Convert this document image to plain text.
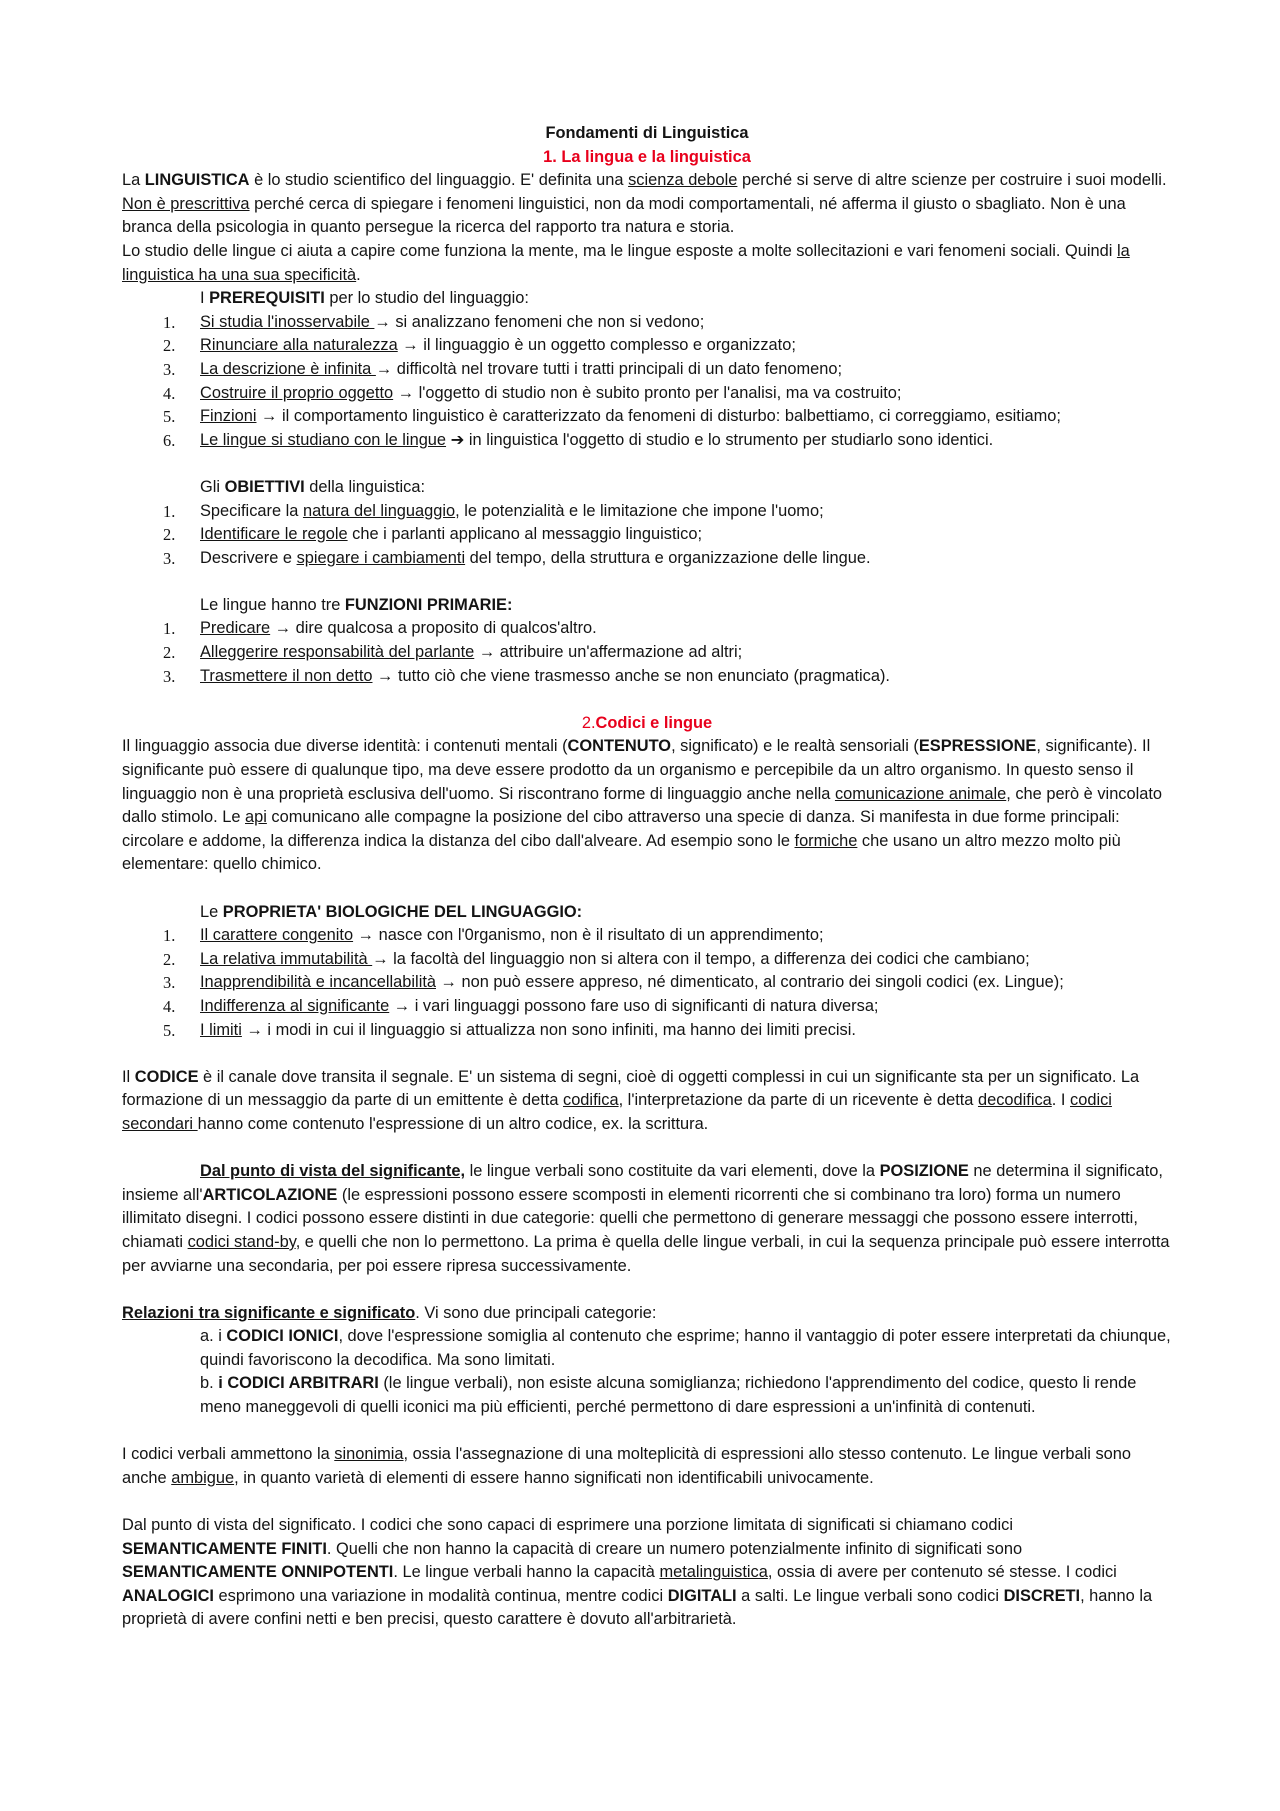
Fondamenti di Linguistica

1. La lingua e la linguistica

La LINGUISTICA è lo studio scientifico del linguaggio. E' definita una scienza debole perché si serve di altre scienze per costruire i suoi modelli. Non è prescrittiva perché cerca di spiegare i fenomeni linguistici, non da modi comportamentali, né afferma il giusto o sbagliato. Non è una branca della psicologia in quanto persegue la ricerca del rapporto tra natura e storia.

Lo studio delle lingue ci aiuta a capire come funziona la mente, ma le lingue esposte a molte sollecitazioni e vari fenomeni sociali. Quindi la linguistica ha una sua specificità.

I PREREQUISITI per lo studio del linguaggio:

1.	Si studia l'inosservabile → si analizzano fenomeni che non si vedono;
2.	Rinunciare alla naturalezza → il linguaggio è un oggetto complesso e organizzato;
3.	La descrizione è infinita → difficoltà nel trovare tutti i tratti principali di un dato fenomeno;
4.	Costruire il proprio oggetto → l'oggetto di studio non è subito pronto per l'analisi, ma va costruito;
5.	Finzioni → il comportamento linguistico è caratterizzato da fenomeni di disturbo: balbettiamo, ci correggiamo, esitiamo;
6.	Le lingue si studiano con le lingue ➔ in linguistica l'oggetto di studio e lo strumento per studiarlo sono identici.

Gli OBIETTIVI della linguistica:

1.	Specificare la natura del linguaggio, le potenzialità e le limitazione che impone l'uomo;
2.	Identificare le regole che i parlanti applicano al messaggio linguistico;
3.	Descrivere e spiegare i cambiamenti del tempo, della struttura e organizzazione delle lingue.

Le lingue hanno tre FUNZIONI PRIMARIE:

1.	Predicare → dire qualcosa a proposito di qualcos'altro.
2.	Alleggerire responsabilità del parlante → attribuire un'affermazione ad altri;
3.	Trasmettere il non detto → tutto ciò che viene trasmesso anche se non enunciato (pragmatica).

2.Codici e lingue

Il linguaggio associa due diverse identità: i contenuti mentali (CONTENUTO, significato) e le realtà sensoriali (ESPRESSIONE, significante). Il significante può essere di qualunque tipo, ma deve essere prodotto da un organismo e percepibile da un altro organismo. In questo senso il linguaggio non è una proprietà esclusiva dell'uomo. Si riscontrano forme di linguaggio anche nella comunicazione animale, che però è vincolato dallo stimolo. Le api comunicano alle compagne la posizione del cibo attraverso una specie di danza. Si manifesta in due forme principali: circolare e addome, la differenza indica la distanza del cibo dall'alveare. Ad esempio sono le formiche che usano un altro mezzo molto più elementare: quello chimico.

Le PROPRIETA' BIOLOGICHE DEL LINGUAGGIO:

1.	Il carattere congenito → nasce con l'0rganismo, non è il risultato di un apprendimento;
2.	La relativa immutabilità → la facoltà del linguaggio non si altera con il tempo, a differenza dei codici che cambiano;
3.	Inapprendibilità e incancellabilità → non può essere appreso, né dimenticato, al contrario dei singoli codici (ex. Lingue);
4.	Indifferenza al significante → i vari linguaggi possono fare uso di significanti di natura diversa;
5.	I limiti → i modi in cui il linguaggio si attualizza non sono infiniti, ma hanno dei limiti precisi.

Il CODICE è il canale dove transita il segnale. E' un sistema di segni, cioè di oggetti complessi in cui un significante sta per un significato. La formazione di un messaggio da parte di un emittente è detta codifica, l'interpretazione da parte di un ricevente è detta decodifica. I codici secondari hanno come contenuto l'espressione di un altro codice, ex. la scrittura.

Dal punto di vista del significante, le lingue verbali sono costituite da vari elementi, dove la POSIZIONE ne determina il significato, insieme all'ARTICOLAZIONE (le espressioni possono essere scomposti in elementi ricorrenti che si combinano tra loro) forma un numero illimitato disegni. I codici possono essere distinti in due categorie: quelli che permettono di generare messaggi che possono essere interrotti, chiamati codici stand-by, e quelli che non lo permettono. La prima è quella delle lingue verbali, in cui la sequenza principale può essere interrotta per avviarne una secondaria, per poi essere ripresa successivamente.

Relazioni tra significante e significato. Vi sono due principali categorie:

a. i CODICI IONICI, dove l'espressione somiglia al contenuto che esprime; hanno il vantaggio di poter essere interpretati da chiunque, quindi favoriscono la decodifica. Ma sono limitati.

b. i CODICI ARBITRARI (le lingue verbali), non esiste alcuna somiglianza; richiedono l'apprendimento del codice, questo li rende meno maneggevoli di quelli iconici ma più efficienti, perché permettono di dare espressioni a un'infinità di contenuti.

I codici verbali ammettono la sinonimia, ossia l'assegnazione di una molteplicità di espressioni allo stesso contenuto. Le lingue verbali sono anche ambigue, in quanto varietà di elementi di essere hanno significati non identificabili univocamente.

Dal punto di vista del significato. I codici che sono capaci di esprimere una porzione limitata di significati si chiamano codici SEMANTICAMENTE FINITI. Quelli che non hanno la capacità di creare un numero potenzialmente infinito di significati sono SEMANTICAMENTE ONNIPOTENTI. Le lingue verbali hanno la capacità metalinguistica, ossia di avere per contenuto sé stesse. I codici ANALOGICI esprimono una variazione in modalità continua, mentre codici DIGITALI a salti. Le lingue verbali sono codici DISCRETI, hanno la proprietà di avere confini netti e ben precisi, questo carattere è dovuto all'arbitrarietà.
